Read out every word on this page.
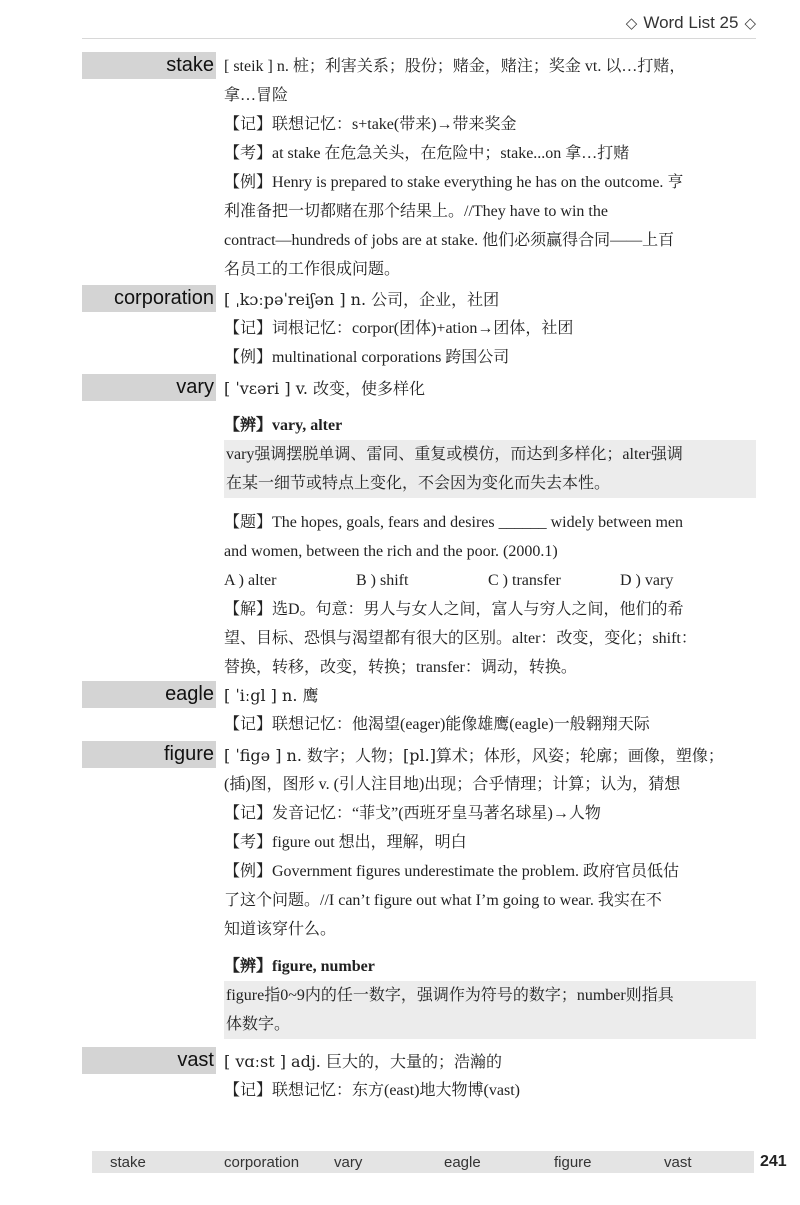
◇ Word List 25 ◇
stake [ steik ] n. 桩；利害关系；股份；赌金，赌注；奖金 vt. 以…打赌，
拿…冒险
【记】联想记忆：s+take(带来)→带来奖金
【考】at stake 在危急关头，在危险中；stake...on 拿…打赌
【例】Henry is prepared to stake everything he has on the outcome. 亨
利准备把一切都赌在那个结果上。//They have to win the
contract—hundreds of jobs are at stake. 他们必须赢得合同——上百
名员工的工作很成问题。
corporation [ ˌkɔːpəˈreiʃən ] n. 公司，企业，社团
【记】词根记忆：corpor(团体)+ation→团体，社团
【例】multinational corporations 跨国公司
vary [ ˈvɛəri ] v. 改变，使多样化
【辨】vary, alter
vary强调摆脱单调、雷同、重复或模仿，而达到多样化；alter强调
在某一细节或特点上变化，不会因为变化而失去本性。
【题】The hopes, goals, fears and desires ______ widely between men
and women, between the rich and the poor. (2000.1)
A ) alter	B ) shift	C ) transfer	D ) vary
【解】选D。句意：男人与女人之间，富人与穷人之间，他们的希
望、目标、恐惧与渴望都有很大的区别。alter：改变，变化；shift：
替换，转移，改变，转换；transfer：调动，转换。
eagle [ ˈiːgl ] n. 鹰
【记】联想记忆：他渴望(eager)能像雄鹰(eagle)一般翱翔天际
figure [ ˈfigə ] n. 数字；人物；[pl.]算术；体形，风姿；轮廓；画像，塑像；
(插)图，图形 v. (引人注目地)出现；合乎情理；计算；认为，猜想
【记】发音记忆：“菲戈”(西班牙皇马著名球星)→人物
【考】figure out 想出，理解，明白
【例】Government figures underestimate the problem. 政府官员低估
了这个问题。//I can’t figure out what I’m going to wear. 我实在不
知道该穿什么。
【辨】figure, number
figure指0~9内的任一数字，强调作为符号的数字；number则指具
体数字。
vast [ vɑːst ] adj. 巨大的，大量的；浩瀚的
【记】联想记忆：东方(east)地大物博(vast)
stake	corporation vary	eagle	figure	vast	241
